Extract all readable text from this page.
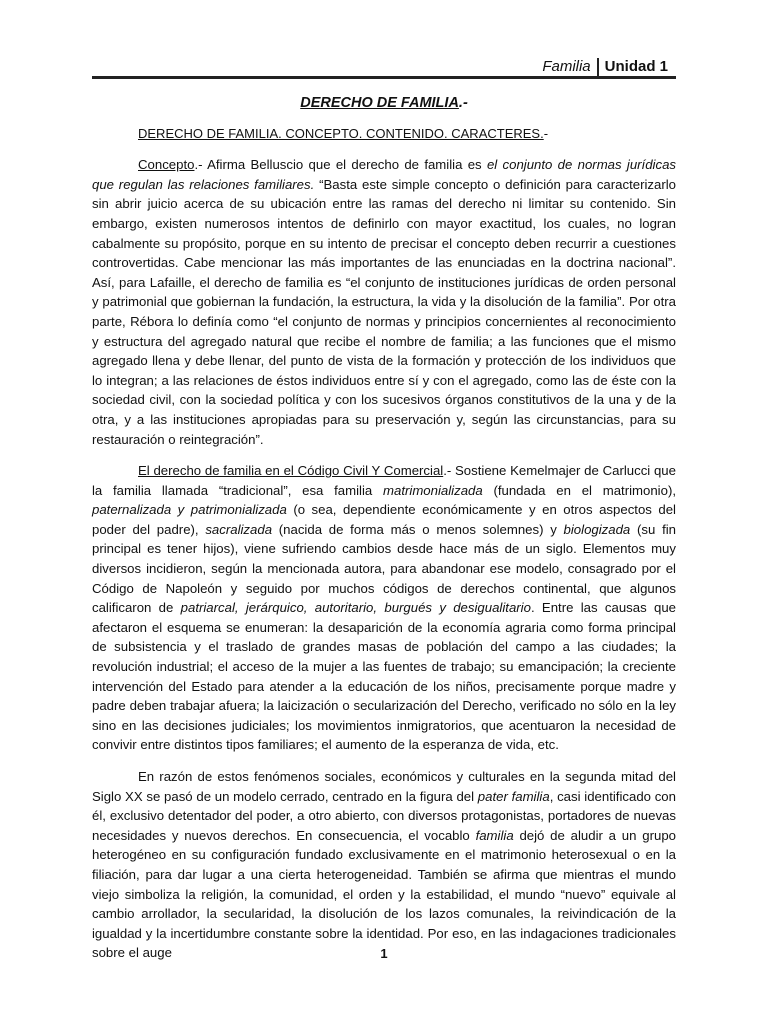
Familia Unidad 1
DERECHO DE FAMILIA.-
DERECHO DE FAMILIA. CONCEPTO. CONTENIDO. CARACTERES.-

Concepto.- Afirma Belluscio que el derecho de familia es el conjunto de normas jurídicas que regulan las relaciones familiares. “Basta este simple concepto o definición para caracterizarlo sin abrir juicio acerca de su ubicación entre las ramas del derecho ni limitar su contenido. Sin embargo, existen numerosos intentos de definirlo con mayor exactitud, los cuales, no logran cabalmente su propósito, porque en su intento de precisar el concepto deben recurrir a cuestiones controvertidas. Cabe mencionar las más importantes de las enunciadas en la doctrina nacional”. Así, para Lafaille, el derecho de familia es “el conjunto de instituciones jurídicas de orden personal y patrimonial que gobiernan la fundación, la estructura, la vida y la disolución de la familia”. Por otra parte, Rébora lo definía como “el conjunto de normas y principios concernientes al reconocimiento y estructura del agregado natural que recibe el nombre de familia; a las funciones que el mismo agregado llena y debe llenar, del punto de vista de la formación y protección de los individuos que lo integran; a las relaciones de éstos individuos entre sí y con el agregado, como las de éste con la sociedad civil, con la sociedad política y con los sucesivos órganos constitutivos de la una y de la otra, y a las instituciones apropiadas para su preservación y, según las circunstancias, para su restauración o reintegración”.

El derecho de familia en el Código Civil Y Comercial.- Sostiene Kemelmajer de Carlucci que la familia llamada “tradicional”, esa familia matrimonializada (fundada en el matrimonio), paternalizada y patrimonializada (o sea, dependiente económicamente y en otros aspectos del poder del padre), sacralizada (nacida de forma más o menos solemnes) y biologizada (su fin principal es tener hijos), viene sufriendo cambios desde hace más de un siglo. Elementos muy diversos incidieron, según la mencionada autora, para abandonar ese modelo, consagrado por el Código de Napoleón y seguido por muchos códigos de derechos continental, que algunos calificaron de patriarcal, jerárquico, autoritario, burgués y desigualitario. Entre las causas que afectaron el esquema se enumeran: la desaparición de la economía agraria como forma principal de subsistencia y el traslado de grandes masas de población del campo a las ciudades; la revolución industrial; el acceso de la mujer a las fuentes de trabajo; su emancipación; la creciente intervención del Estado para atender a la educación de los niños, precisamente porque madre y padre deben trabajar afuera; la laicización o secularización del Derecho, verificado no sólo en la ley sino en las decisiones judiciales; los movimientos inmigratorios, que acentuaron la necesidad de convivir entre distintos tipos familiares; el aumento de la esperanza de vida, etc.

En razón de estos fenómenos sociales, económicos y culturales en la segunda mitad del Siglo XX se pasó de un modelo cerrado, centrado en la figura del pater familia, casi identificado con él, exclusivo detentador del poder, a otro abierto, con diversos protagonistas, portadores de nuevas necesidades y nuevos derechos. En consecuencia, el vocablo familia dejó de aludir a un grupo heterogéneo en su configuración fundado exclusivamente en el matrimonio heterosexual o en la filiación, para dar lugar a una cierta heterogeneidad. También se afirma que mientras el mundo viejo simboliza la religión, la comunidad, el orden y la estabilidad, el mundo “nuevo” equivale al cambio arrollador, la secularidad, la disolución de los lazos comunales, la reivindicación de la igualdad y la incertidumbre constante sobre la identidad. Por eso, en las indagaciones tradicionales sobre el auge	1
